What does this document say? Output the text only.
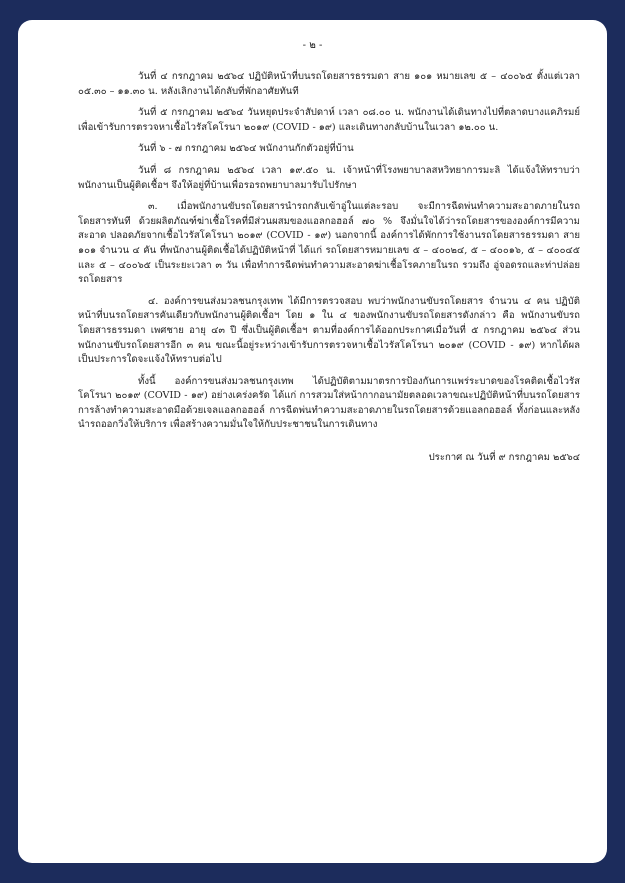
- ๒ -

วันที่ ๔ กรกฎาคม ๒๕๖๔ ปฏิบัติหน้าที่บนรถโดยสารธรรมดา สาย ๑๐๑ หมายเลข ๕ – ๔๐๐๖๕ ตั้งแต่เวลา ๐๕.๓๐ – ๑๑.๓๐ น. หลังเลิกงานได้กลับที่พักอาศัยทันที

วันที่ ๕ กรกฎาคม ๒๕๖๔ วันหยุดประจำสัปดาห์ เวลา ๐๘.๐๐ น. พนักงานได้เดินทางไปที่ตลาดบางแคภิรมย์ เพื่อเข้ารับการตรวจหาเชื้อไวรัสโคโรนา ๒๐๑๙ (COVID - ๑๙) และเดินทางกลับบ้านในเวลา ๑๒.๐๐ น.

วันที่ ๖ - ๗ กรกฎาคม ๒๕๖๔ พนักงานกักตัวอยู่ที่บ้าน

วันที่ ๘ กรกฎาคม ๒๕๖๔ เวลา ๑๙.๕๐ น. เจ้าหน้าที่โรงพยาบาลสหวิทยาการมะลิ ได้แจ้งให้ทราบว่า พนักงานเป็นผู้ติดเชื้อฯ จึงให้อยู่ที่บ้านเพื่อรอรถพยาบาลมารับไปรักษา

๓. เมื่อพนักงานขับรถโดยสารนำรถกลับเข้าอู่ในแต่ละรอบ จะมีการฉีดพ่นทำความสะอาดภายในรถโดยสารทันที ด้วยผลิตภัณฑ์ฆ่าเชื้อโรคที่มีส่วนผสมของแอลกอฮอล์ ๗๐ % จึงมั่นใจได้ว่ารถโดยสารขององค์การมีความสะอาด ปลอดภัยจากเชื้อไวรัสโคโรนา ๒๐๑๙ (COVID - ๑๙) นอกจากนี้ องค์การได้พักการใช้งานรถโดยสารธรรมดา สาย ๑๐๑ จำนวน ๔ คัน ที่พนักงานผู้ติดเชื้อได้ปฏิบัติหน้าที่ ได้แก่ รถโดยสารหมายเลข ๕ – ๔๐๐๒๔, ๕ – ๔๐๐๑๖, ๕ – ๔๐๐๔๕ และ ๕ – ๔๐๐๖๕ เป็นระยะเวลา ๓ วัน เพื่อทำการฉีดพ่นทำความสะอาดฆ่าเชื้อโรคภายในรถ รวมถึง อู่จอดรถและท่าปล่อยรถโดยสาร

๔. องค์การขนส่งมวลชนกรุงเทพ ได้มีการตรวจสอบ พบว่าพนักงานขับรถโดยสาร จำนวน ๔ คน ปฏิบัติหน้าที่บนรถโดยสารคันเดียวกับพนักงานผู้ติดเชื้อฯ โดย ๑ ใน ๔ ของพนักงานขับรถโดยสารดังกล่าว คือ พนักงานขับรถโดยสารธรรมดา เพศชาย อายุ ๔๓ ปี ซึ่งเป็นผู้ติดเชื้อฯ ตามที่องค์การได้ออกประกาศเมื่อวันที่ ๕ กรกฎาคม ๒๕๖๔ ส่วนพนักงานขับรถโดยสารอีก ๓ คน ขณะนี้อยู่ระหว่างเข้ารับการตรวจหาเชื้อไวรัสโคโรนา ๒๐๑๙ (COVID - ๑๙) หากได้ผลเป็นประการใดจะแจ้งให้ทราบต่อไป

ทั้งนี้ องค์การขนส่งมวลชนกรุงเทพ ได้ปฏิบัติตามมาตรการป้องกันการแพร่ระบาดของโรคติดเชื้อไวรัสโคโรนา ๒๐๑๙ (COVID - ๑๙) อย่างเคร่งครัด ได้แก่ การสวมใส่หน้ากากอนามัยตลอดเวลาขณะปฏิบัติหน้าที่บนรถโดยสาร การล้างทำความสะอาดมือด้วยเจลแอลกอฮอล์ การฉีดพ่นทำความสะอาดภายในรถโดยสารด้วยแอลกอฮอล์ ทั้งก่อนและหลังนำรถออกวิ่งให้บริการ เพื่อสร้างความมั่นใจให้กับประชาชนในการเดินทาง

ประกาศ ณ วันที่ ๙ กรกฎาคม ๒๕๖๔
